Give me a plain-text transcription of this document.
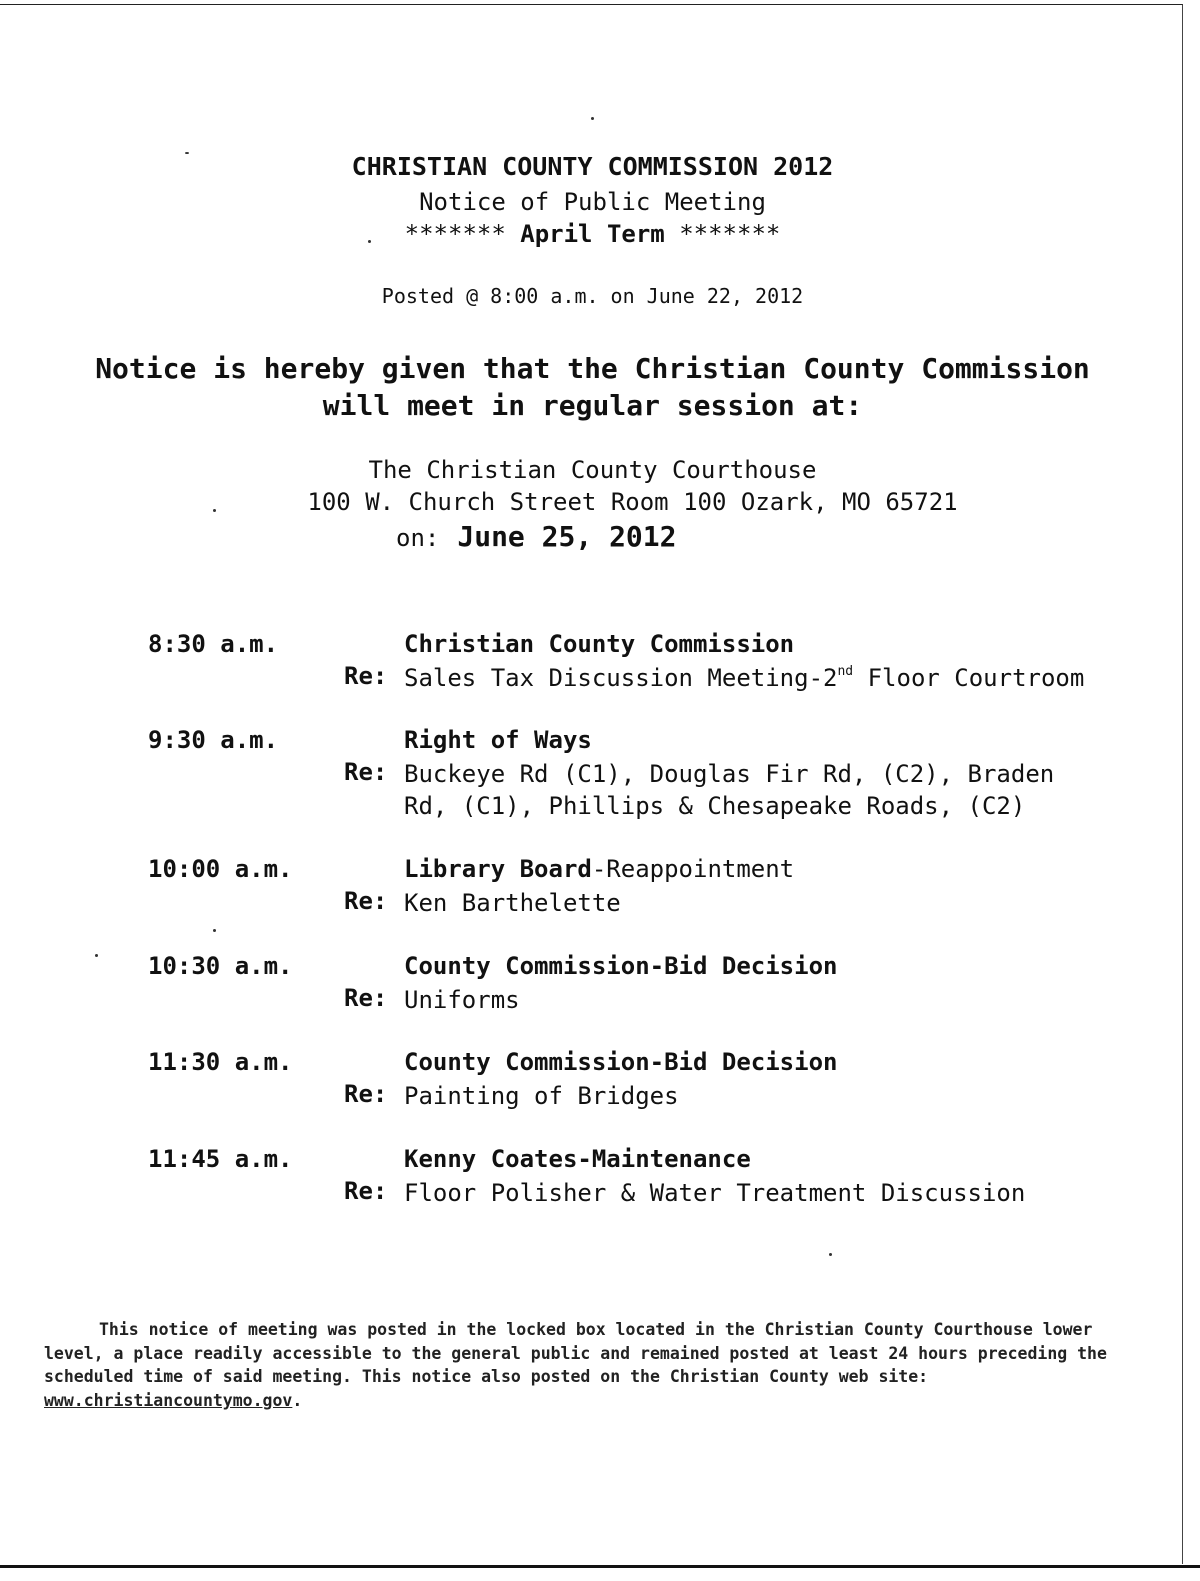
CHRISTIAN COUNTY COMMISSION 2012
Notice of Public Meeting
******* April Term *******
Posted @ 8:00 a.m. on June 22, 2012
Notice is hereby given that the Christian County Commission
will meet in regular session at:
The Christian County Courthouse
100 W. Church Street Room 100 Ozark, MO 65721
on: June 25, 2012
8:30 a.m.	Christian County Commission
Re: Sales Tax Discussion Meeting-2nd Floor Courtroom
9:30 a.m.	Right of Ways
Re: Buckeye Rd (C1), Douglas Fir Rd, (C2), Braden
Rd, (C1), Phillips & Chesapeake Roads, (C2)
10:00 a.m.	Library Board-Reappointment
Re: Ken Barthelette
10:30 a.m.	County Commission-Bid Decision
Re: Uniforms
11:30 a.m.	County Commission-Bid Decision
Re: Painting of Bridges
11:45 a.m.	Kenny Coates-Maintenance
Re: Floor Polisher & Water Treatment Discussion
This notice of meeting was posted in the locked box located in the Christian County Courthouse lower level, a place readily accessible to the general public and remained posted at least 24 hours preceding the scheduled time of said meeting. This notice also posted on the Christian County web site: www.christiancountymo.gov.
